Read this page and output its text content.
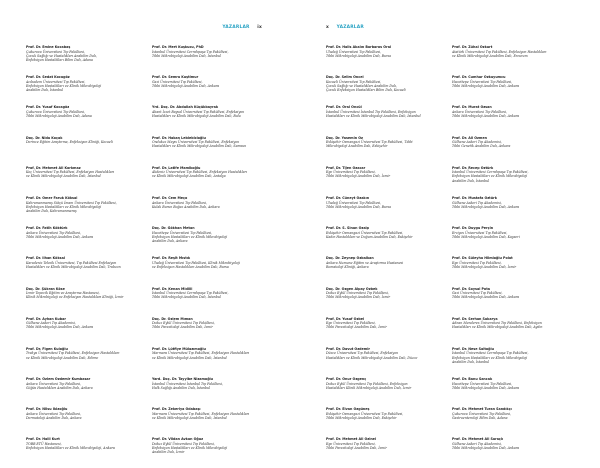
YAZARLAR ix
Prof. Dr. Emine Kocabaş
Çukurova Üniversitesi Tıp Fakültesi,
Çocuk Sağlığı ve Hastalıkları Anabilim Dalı,
Enfeksiyon Hastalıkları Bilim Dalı, Adana
Prof. Dr. Sedat Kocagöz
Acıbadem Üniversitesi Tıp Fakültesi,
Enfeksiyon Hastalıkları ve Klinik Mikrobiyoloji
Anabilim Dalı, İstanbul
Prof. Dr. Yusuf Kocagöz
Çukurova Üniversitesi Tıp Fakültesi,
Tıbbi Mikrobiyoloji Anabilim Dalı, Adana
Doç. Dr. Nida Koçak
Derince Eğitim Araştırma, Enfeksiyon Kliniği, Kocaeli
Prof. Dr. Mehmet Ali Korkmaz
Koç Üniversitesi Tıp Fakültesi, Enfeksiyon Hastalıkları
ve Klinik Mikrobiyoloji Anabilim Dalı, İstanbul
Prof. Dr. Ömer Faruk Köksal
Kahramanmaraş Sütçü İmam Üniversitesi Tıp Fakültesi,
Enfeksiyon Hastalıkları ve Klinik Mikrobiyoloji
Anabilim Dalı, Kahramanmaraş
Prof. Dr. Fatih Köktürk
Ankara Üniversitesi Tıp Fakültesi,
Tıbbi Mikrobiyoloji Anabilim Dalı, Ankara
Prof. Dr. İlhan Köksal
Karadeniz Teknik Üniversitesi, Tıp Fakültesi Enfeksiyon
Hastalıkları ve Klinik Mikrobiyoloji Anabilim Dalı, Trabzon
Doç. Dr. Şükran Köse
İzmir Tepecik Eğitim ve Araştırma Hastanesi,
Klinik Mikrobiyoloji ve Enfeksiyon Hastalıkları Kliniği, İzmir
Prof. Dr. Ayhan Kubar
Gülhane Askeri Tıp Akademisi,
Tıbbi Mikrobiyoloji Anabilim Dalı, Ankara
Prof. Dr. Figen Kuloğlu
Trakya Üniversitesi Tıp Fakültesi, Enfeksiyon Hastalıkları
ve Klinik Mikrobiyoloji Anabilim Dalı, Edirne
Prof. Dr. Özlem Özdemir Kumbasar
Ankara Üniversitesi Tıp Fakültesi,
Göğüs Hastalıkları Anabilim Dalı, Ankara
Prof. Dr. Nilsu İkizoğlu
Ankara Üniversitesi Tıp Fakültesi,
Dermatoloji Anabilim Dalı, Ankara
Prof. Dr. Halil Kurt
TOBB ETÜ Hastanesi,
Enfeksiyon Hastalıkları ve Klinik Mikrobiyoloji, Ankara
Prof. Dr. Mert Kuşkucu, PhD
İstanbul Üniversitesi Cerrahpaşa Tıp Fakültesi,
Tıbbi Mikrobiyoloji Anabilim Dalı, İstanbul
Prof. Dr. Semra Kuştimur
Gazi Üniversitesi Tıp Fakültesi,
Tıbbi Mikrobiyoloji Anabilim Dalı, Ankara
Yrd. Doç. Dr. Abdullah Küçükbayrak
Abant İzzet Baysal Üniversitesi Tıp Fakültesi, Enfeksiyon
Hastalıkları ve Klinik Mikrobiyoloji Anabilim Dalı, Bolu
Prof. Dr. Hakan Leblebicioğlu
Ondokuz Mayıs Üniversitesi Tıp Fakültesi, Enfeksiyon
Hastalıkları ve Klinik Mikrobiyoloji Anabilim Dalı, Samsun
Prof. Dr. Latife Mamikoğlu
Akdeniz Üniversitesi Tıp Fakültesi, Enfeksiyon Hastalıkları
ve Klinik Mikrobiyoloji Anabilim Dalı, Antalya
Prof. Dr. Cem Meço
Ankara Üniversitesi Tıp Fakültesi,
Kulak Burun Boğaz Anabilim Dalı, Ankara
Doç. Dr. Gökhan Metan
Hacettepe Üniversitesi Tıp Fakültesi,
Enfeksiyon Hastalıkları ve Klinik Mikrobiyoloji
Anabilim Dalı, Ankara
Prof. Dr. Reşit Mıstık
Uludağ Üniversitesi Tıp Fakültesi, Klinik Mikrobiyoloji
ve Enfeksiyon Hastalıkları Anabilim Dalı, Bursa
Prof. Dr. Kenan Midilli
İstanbul Üniversitesi Cerrahpaşa Tıp Fakültesi,
Tıbbi Mikrobiyoloji Anabilim Dalı, İstanbul
Doç. Dr. Özlem Mıman
Dokuz Eylül Üniversitesi Tıp Fakültesi,
Tıbbi Parazitoloji Anabilim Dalı, İzmir
Prof. Dr. Lütfiye Mülazımoğlu
Marmara Üniversitesi Tıp Fakültesi, Enfeksiyon Hastalıkları
ve Klinik Mikrobiyoloji Anabilim Dalı, İstanbul
Yard. Doç. Dr. Tayyibe Nizamoğlu
İstanbul Üniversitesi İstanbul Tıp Fakültesi,
Halk Sağlığı Anabilim Dalı, İstanbul
Prof. Dr. Zekeriya Odabaşı
Marmara Üniversitesi Tıp Fakültesi, Enfeksiyon Hastalıkları
ve Klinik Mikrobiyoloji Anabilim Dalı, İstanbul
Prof. Dr. Vildan Avkan Oğuz
Dokuz Eylül Üniversitesi Tıp Fakültesi,
Enfeksiyon Hastalıkları ve Klinik Mikrobiyoloji
Anabilim Dalı, İzmir
x YAZARLAR
Prof. Dr. Halis Akalın Barbaros Oral
Uludağ Üniversitesi Tıp Fakültesi,
Tıbbi Mikrobiyoloji Anabilim Dalı, Bursa
Doç. Dr. Selim Öncel
Kocaeli Üniversitesi Tıp Fakültesi,
Çocuk Sağlığı ve Hastalıkları Anabilim Dalı,
Çocuk Enfeksiyon Hastalıkları Bilim Dalı, Kocaeli
Prof. Dr. Oral Öncül
İstanbul Üniversitesi İstanbul Tıp Fakültesi, Enfeksiyon
Hastalıkları ve Klinik Mikrobiyoloji Anabilim Dalı, İstanbul
Doç. Dr. Yasemin Öz
Eskişehir Osmangazi Üniversitesi Tıp Fakültesi, Tıbbi
Mikrobiyoloji Anabilim Dalı, Eskişehir
Prof. Dr. Tijen Özacar
Ege Üniversitesi Tıp Fakültesi,
Tıbbi Mikrobiyoloji Anabilim Dalı, İzmir
Prof. Dr. Cüneyt Özakın
Uludağ Üniversitesi Tıp Fakültesi,
Tıbbi Mikrobiyoloji Anabilim Dalı, Bursa
Prof. Dr. S. Sinan Özalp
Eskişehir Osmangazi Üniversitesi Tıp Fakültesi,
Kadın Hastalıkları ve Doğum Anabilim Dalı, Eskişehir
Doç. Dr. Zeynep Özbalkan
Ankara Numune Eğitim ve Araştırma Hastanesi
Romatoloji Kliniği, Ankara
Doç. Dr. Özgen Alpay Özbek
Dokuz Eylül Üniversitesi Tıp Fakültesi,
Tıbbi Mikrobiyoloji Anabilim Dalı, İzmir
Prof. Dr. Yusuf Özbel
Ege Üniversitesi Tıp Fakültesi,
Tıbbi Parazitoloji Anabilim Dalı, İzmir
Prof. Dr. Davut Özdemir
Düzce Üniversitesi Tıp Fakültesi, Enfeksiyon
Hastalıkları ve Klinik Mikrobiyoloji Anabilim Dalı, Düzce
Prof. Dr. Onur Özgenç
Dokuz Eylül Üniversitesi Tıp Fakültesi, Enfeksiyon
Hastalıkları Klinik Mikrobiyoloji Anabilim Dalı, İzmir
Prof. Dr. Elvan Özgüneş
Eskişehir Osmangazi Üniversitesi Tıp Fakültesi,
Tıbbi Mikrobiyoloji Anabilim Dalı, Eskişehir
Prof. Dr. Mehmet Ali Özinel
Ege Üniversitesi Tıp Fakültesi,
Tıbbi Parazitoloji Anabilim Dalı, İzmir
Prof. Dr. Zühal Özkurt
Atatürk Üniversitesi Tıp Fakültesi, Enfeksiyon Hastalıkları
ve Klinik Mikrobiyoloji Anabilim Dalı, Erzurum
Prof. Dr. Cumhur Özkuyumcu
Hacettepe Üniversitesi Tıp Fakültesi,
Tıbbi Mikrobiyoloji Anabilim Dalı, Ankara
Prof. Dr. Murat Özsan
Ankara Üniversitesi Tıp Fakültesi,
Tıbbi Mikrobiyoloji Anabilim Dalı, Ankara
Prof. Dr. Ali Özmen
Gülhane Askeri Tıp Akademisi,
Tıbbi Genetik Anabilim Dalı, Ankara
Prof. Dr. Recep Öztürk
İstanbul Üniversitesi Cerrahpaşa Tıp Fakültesi,
Enfeksiyon Hastalıkları ve Klinik Mikrobiyoloji
Anabilim Dalı, İstanbul
Prof. Dr. Mustafa Öztürk
Gülhane Askeri Tıp Akademisi,
Tıbbi Mikrobiyoloji Anabilim Dalı, Ankara
Prof. Dr. Duygu Perçin
Erciyes Üniversitesi Tıp Fakültesi,
Tıbbi Mikrobiyoloji Anabilim Dalı, Kayseri
Prof. Dr. Süleyha Hilmioğlu Polat
Ege Üniversitesi Tıp Fakültesi,
Tıbbi Mikrobiyoloji Anabilim Dalı, İzmir
Prof. Dr. Soysal Pota
Gazi Üniversitesi Tıp Fakültesi,
Tıbbi Mikrobiyoloji Anabilim Dalı, Ankara
Prof. Dr. Serhan Sakarya
Adnan Menderes Üniversitesi Tıp Fakültesi, Enfeksiyon
Hastalıkları ve Klinik Mikrobiyoloji Anabilim Dalı, Aydın
Prof. Dr. Nese Saltoğlu
İstanbul Üniversitesi Cerrahpaşa Tıp Fakültesi,
Enfeksiyon Hastalıkları ve Klinik Mikrobiyoloji
Anabilim Dalı, İstanbul
Prof. Dr. Banu Sancak
Hacettepe Üniversitesi Tıp Fakültesi,
Tıbbi Mikrobiyoloji Anabilim Dalı, Ankara
Prof. Dr. Mehmet Turan Sandıkçı
Çukurova Üniversitesi Tıp Fakültesi,
Gastroenteroloji Bilim Dalı, Adana
Prof. Dr. Mehmet Ali Saraçlı
Gülhane Askeri Tıp Akademisi,
Tıbbi Mikrobiyoloji Anabilim Dalı, Ankara
